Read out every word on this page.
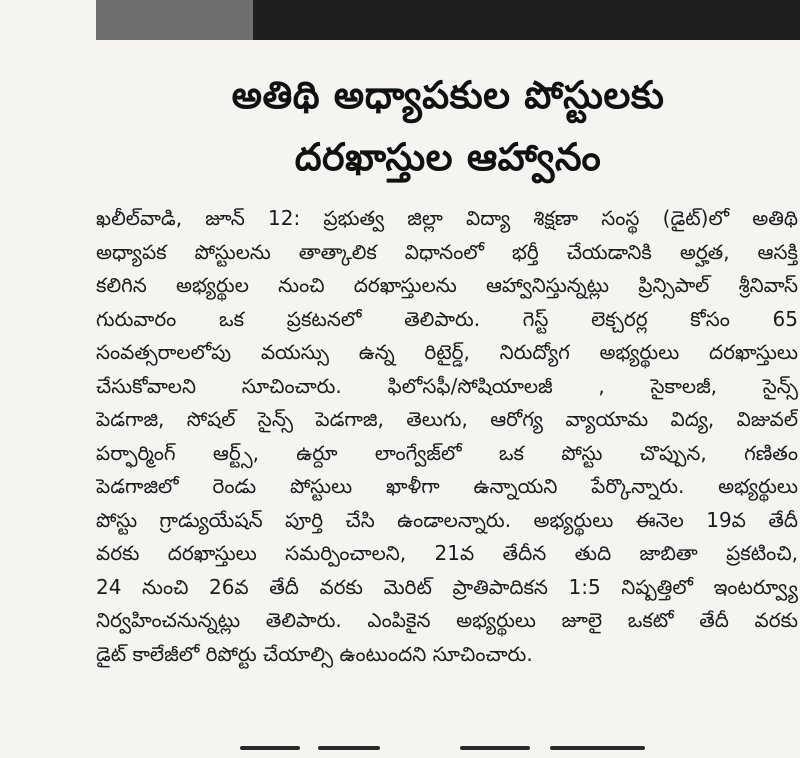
అతిథి అధ్యాపకుల పోస్టులకు
దరఖాస్తుల ఆహ్వానం
ఖలీల్‌వాడి, జూన్ 12: ప్రభుత్వ జిల్లా విద్యా శిక్షణా సంస్థ (డైట్)లో అతిథి
అధ్యాపక పోస్టులను తాత్కాలిక విధానంలో భర్తీ చేయడానికి అర్హత, ఆసక్తి
కలిగిన అభ్యర్థుల నుంచి దరఖాస్తులను ఆహ్వానిస్తున్నట్లు ప్రిన్సిపాల్ శ్రీనివాస్
గురువారం ఒక ప్రకటనలో తెలిపారు. గెస్ట్ లెక్చరర్ల కోసం 65
సంవత్సరాలలోపు వయస్సు ఉన్న రిటైర్డ్, నిరుద్యోగ అభ్యర్థులు దరఖాస్తులు
చేసుకోవాలని సూచించారు. ఫిలోసఫీ/సోషియాలజీ , సైకాలజీ, సైన్స్
పెడగాజి, సోషల్ సైన్స్ పెడగాజి, తెలుగు, ఆరోగ్య వ్యాయామ విద్య, విజువల్
పర్ఫార్మింగ్ ఆర్ట్స్, ఉర్దూ లాంగ్వేజ్‌లో ఒక పోస్టు చొప్పున, గణితం
పెడగాజిలో రెండు పోస్టులు ఖాళీగా ఉన్నాయని పేర్కొన్నారు. అభ్యర్థులు
పోస్టు గ్రాడ్యుయేషన్ పూర్తి చేసి ఉండాలన్నారు. అభ్యర్థులు ఈనెల 19వ తేదీ
వరకు దరఖాస్తులు సమర్పించాలని, 21వ తేదీన తుది జాబితా ప్రకటించి,
24 నుంచి 26వ తేదీ వరకు మెరిట్ ప్రాతిపాదికన 1:5 నిష్పత్తిలో ఇంటర్వ్యూ
నిర్వహించనున్నట్లు తెలిపారు. ఎంపికైన అభ్యర్థులు జూలై ఒకటో తేదీ వరకు
డైట్ కాలేజీలో రిపోర్టు చేయాల్సి ఉంటుందని సూచించారు.
